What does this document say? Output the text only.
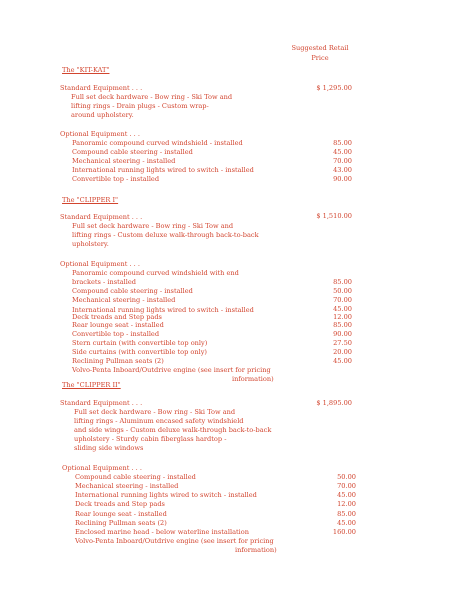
Suggested Retail
Price
The "KIT-KAT"
Standard Equipment . . .	$ 1,295.00
Full set deck hardware - Bow ring - Ski Tow and
lifting rings - Drain plugs - Custom wrap-
around upholstery.
Optional Equipment . . .
Panoramic compound curved windshield - installed	85.00
Compound cable steering - installed	45.00
Mechanical steering - installed	70.00
International running lights wired to switch - installed	43.00
Convertible top - installed	90.00
The "CLIPPER I"
Standard Equipment . . .	$ 1,510.00
Full set deck hardware - Bow ring - Ski Tow and
lifting rings - Custom deluxe walk-through back-to-back
upholstery.
Optional Equipment . . .
Panoramic compound curved windshield with end
brackets - installed	85.00
Compound cable steering - installed	50.00
Mechanical steering - installed	70.00
International running lights wired to switch - installed	45.00
Deck treads and Step pads	12.00
Rear lounge seat - installed	85.00
Convertible top - installed	90.00
Stern curtain (with convertible top only)	27.50
Side curtains (with convertible top only)	20.00
Reclining Pullman seats (2)	45.00
Volvo-Penta Inboard/Outdrive engine (see insert for pricing
information)
The "CLIPPER II"
Standard Equipment . . .	$ 1,895.00
Full set deck hardware - Bow ring - Ski Tow and
lifting rings - Aluminum encased safety windshield
and side wings - Custom deluxe walk-through back-to-back
upholstery - Sturdy cabin fiberglass hardtop -
sliding side windows
Optional Equipment . . .
Compound cable steering - installed	50.00
Mechanical steering - installed	70.00
International running lights wired to switch - installed	45.00
Deck treads and Step pads	12.00
Rear lounge seat - installed	85.00
Reclining Pullman seats (2)	45.00
Enclosed marine head - below waterline installation	160.00
Volvo-Penta Inboard/Outdrive engine (see insert for pricing
information)
